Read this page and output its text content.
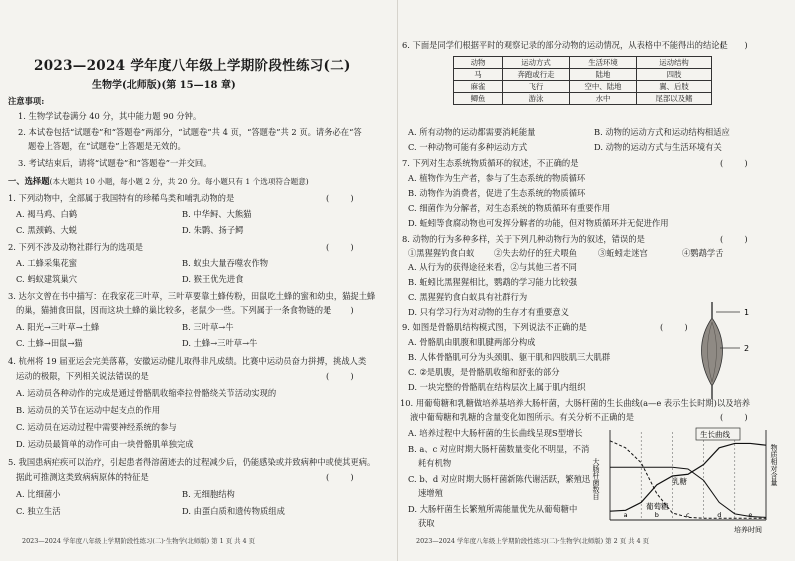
2023—2024 学年度八年级上学期阶段性练习(二)
生物学(北师版)(第 15—18 章)
注意事项:
1. 生物学试卷满分 40 分，其中能力题 90 分钟。
2. 本试卷包括“试题卷”和“答题卷”两部分，“试题卷”共 4 页，“答题卷”共 2 页。请务必在“答
题卷上答题，在“试题卷”上答题是无效的。
3. 考试结束后，请将“试题卷”和“答题卷”一并交回。
一、选择题(本大题共 10 小题，每小题 2 分，共 20 分。每小题只有 1 个选项符合题意)
1. 下列动物中，全部属于我国特有的珍稀鸟类和哺乳动物的是	(        )
A. 褐马鸡、白鹤	B. 中华鲟、大熊猫
C. 黑颈鹤、大蜕	D. 朱鹮、扬子鳄
2. 下列不涉及动物社群行为的选项是	(        )
A. 工蜂采集花蜜	B. 蚁虫大量吞噬农作物
C. 蚂蚁建筑巢穴	D. 猴王优先进食
3. 达尔文曾在书中描写：在我家花三叶草，三叶草要靠土蜂传粉，田鼠吃土蜂的蜜和幼虫，猫捉土蜂
的巢，猫捕食田鼠，因而这块土蜂的巢比较多，老鼠少一些。下列属于一条食物链的是
(        )
A. 阳光→三叶草→土蜂	B. 三叶草→牛
C. 土蜂→田鼠→猫	D. 土蜂→三叶草→牛
4. 杭州将 19 届亚运会完美落幕，安徽运动健儿取得非凡成绩。比赛中运动员奋力拼搏，挑战人类
运动的极限，下列相关说法错误的是	(        )
A. 运动员各种动作的完成是通过骨骼肌收缩牵拉骨骼绕关节活动实现的
B. 运动员的关节在运动中起支点的作用
C. 运动员在运动过程中需要神经系统的参与
D. 运动员最简单的动作可由一块骨骼肌单独完成
5. 我国患病疟疾可以治疗，引起患者得溶菌迹去的过程减少后，仍能感染或并致病种中或使其更病。
据此可推测这类致病病原体的特征是	(        )
A. 比细菌小	B. 无细胞结构
C. 独立生活	D. 由蛋白质和遗传物质组成
2023—2024 学年度八年级上学期阶段性练习(二)·生物学(北师版) 第 1 页 共 4 页
6. 下面是同学们根据平时的观察记录的部分动物的运动情况，从表格中不能得出的结论是
(        )
动物	运动方式	生活环境	运动结构
马	奔跑或行走	陆地	四肢
麻雀	飞行	空中、陆地	翼、后肢
鲫鱼	游泳	水中	尾部以及鳍
A. 所有动物的运动都需要消耗能量	B. 动物的运动方式和运动结构相适应
C. 一种动物可能有多种运动方式	D. 动物的运动方式与生活环境有关
7. 下列对生态系统物质循环的叙述，不正确的是	(        )
A. 植物作为生产者，参与了生态系统的物质循环
B. 动物作为消费者，促进了生态系统的物质循环
C. 细菌作为分解者，对生态系统的物质循环有重要作用
D. 蚯蚓等食腐动物也可发挥分解者的功能，但对物质循环并无促进作用
8. 动物的行为多种多样，关于下列几种动物行为的叙述，错误的是	(        )
①黑猩猩钓食白蚁 ②失去幼仔的狂犬喂鱼	③蚯蚓走迷宫	④鹦鹉学舌
A. 从行为的获得途径来看，②与其他三者不同
B. 蚯蚓比黑猩猩相比，鹦鹉的学习能力比较强
C. 黑猩猩钓食白蚁具有社群行为
D. 只有学习行为对动物的生存才有重要意义
9. 如图是骨骼肌结构模式图，下列说法不正确的是	(        )
A. 骨骼肌由肌腹和肌腱两部分构成
B. 人体骨骼肌可分为头颈肌、躯干肌和四肢肌三大肌群
C. ②是肌腹，是骨骼肌收缩和舒张的部分
D. 一块完整的骨骼肌在结构层次上属于肌内组织
1
2
10. 用葡萄糖和乳糖做培养基培养大肠杆菌，大肠杆菌的生长曲线(a—e 表示生长时期)以及培养
液中葡萄糖和乳糖的含量变化如图所示。有关分析不正确的是	(        )
A. 培养过程中大肠杆菌的生长曲线呈现S型增长
B. a、c 对应时期大肠杆菌数量变化不明显，不消
耗有机物
C. b、d 对应时期大肠杆菌新陈代谢活跃，繁殖迅
速增殖
D. 大肠杆菌生长繁殖所需能量优先从葡萄糖中
获取
大肠杆菌数目	物质相对含量
a	b	c	d	e
生长曲线
乳糖
葡萄糖
培养时间
2023—2024 学年度八年级上学期阶段性练习(二)·生物学(北师版) 第 2 页 共 4 页
